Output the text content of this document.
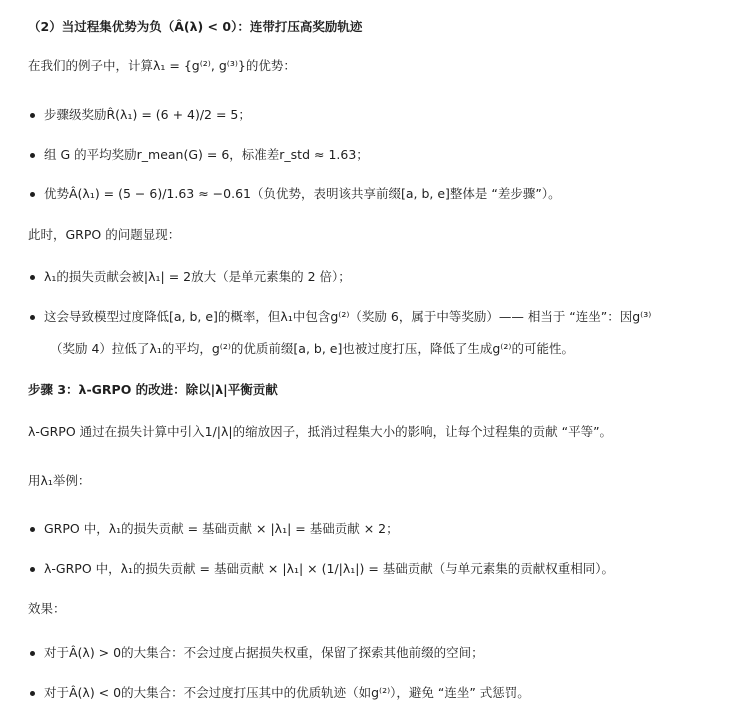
（2）当过程集优势为负（Â(λ) < 0）：连带打压高奖励轨迹
在我们的例子中，计算λ₁ = {g⁽²⁾, g⁽³⁾}的优势：
步骤级奖励R̂(λ₁) = (6 + 4)/2 = 5；
组 G 的平均奖励r_mean(G) = 6，标准差r_std ≈ 1.63；
优势Â(λ₁) = (5 − 6)/1.63 ≈ −0.61（负优势，表明该共享前缀[a, b, e]整体是 “差步骤”）。
此时，GRPO 的问题显现：
λ₁的损失贡献会被|λ₁| = 2放大（是单元素集的 2 倍）；
这会导致模型过度降低[a, b, e]的概率，但λ₁中包含g⁽²⁾（奖励 6，属于中等奖励）—— 相当于 “连坐”：因g⁽³⁾
（奖励 4）拉低了λ₁的平均，g⁽²⁾的优质前缀[a, b, e]也被过度打压，降低了生成g⁽²⁾的可能性。
步骤 3：λ-GRPO 的改进：除以|λ|平衡贡献
λ-GRPO 通过在损失计算中引入1/|λ|的缩放因子，抵消过程集大小的影响，让每个过程集的贡献 “平等”。
用λ₁举例：
GRPO 中，λ₁的损失贡献 = 基础贡献 × |λ₁| = 基础贡献 × 2；
λ-GRPO 中，λ₁的损失贡献 = 基础贡献 × |λ₁| × (1/|λ₁|) = 基础贡献（与单元素集的贡献权重相同）。
效果：
对于Â(λ) > 0的大集合：不会过度占据损失权重，保留了探索其他前缀的空间；
对于Â(λ) < 0的大集合：不会过度打压其中的优质轨迹（如g⁽²⁾），避免 “连坐” 式惩罚。
